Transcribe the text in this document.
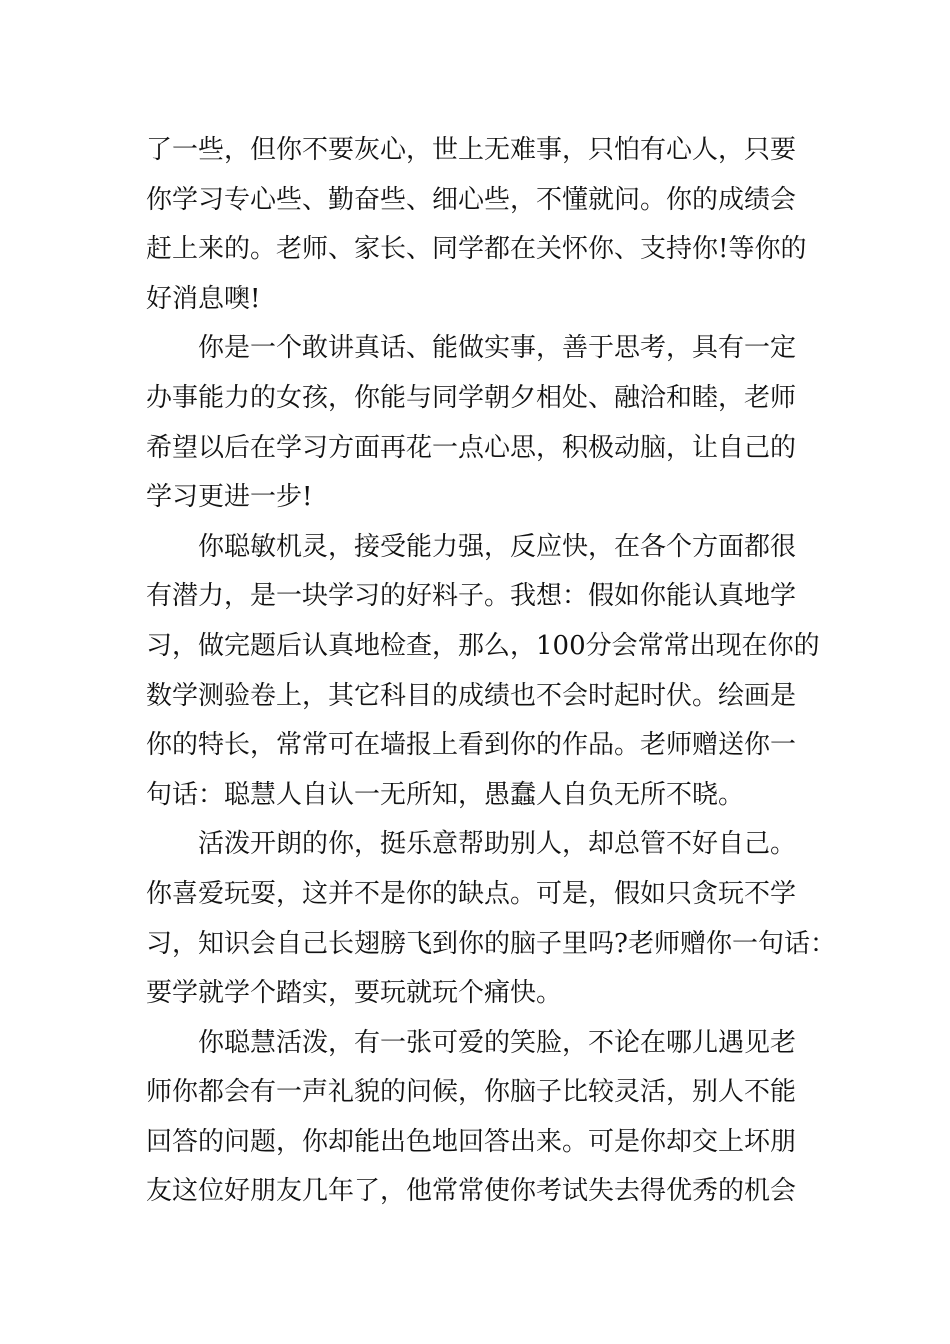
了一些，但你不要灰心，世上无难事，只怕有心人，只要
你学习专心些、勤奋些、细心些，不懂就问。你的成绩会
赶上来的。老师、家长、同学都在关怀你、支持你!等你的
好消息噢!
你是一个敢讲真话、能做实事，善于思考，具有一定
办事能力的女孩，你能与同学朝夕相处、融洽和睦，老师
希望以后在学习方面再花一点心思，积极动脑，让自己的
学习更进一步!
你聪敏机灵，接受能力强，反应快，在各个方面都很
有潜力，是一块学习的好料子。我想：假如你能认真地学
习，做完题后认真地检查，那么，100分会常常出现在你的
数学测验卷上，其它科目的成绩也不会时起时伏。绘画是
你的特长，常常可在墙报上看到你的作品。老师赠送你一
句话：聪慧人自认一无所知，愚蠢人自负无所不晓。
活泼开朗的你，挺乐意帮助别人，却总管不好自己。
你喜爱玩耍，这并不是你的缺点。可是，假如只贪玩不学
习，知识会自己长翅膀飞到你的脑子里吗?老师赠你一句话：
要学就学个踏实，要玩就玩个痛快。
你聪慧活泼，有一张可爱的笑脸，不论在哪儿遇见老
师你都会有一声礼貌的问候，你脑子比较灵活，别人不能
回答的问题，你却能出色地回答出来。可是你却交上坏朋
友这位好朋友几年了，他常常使你考试失去得优秀的机会
